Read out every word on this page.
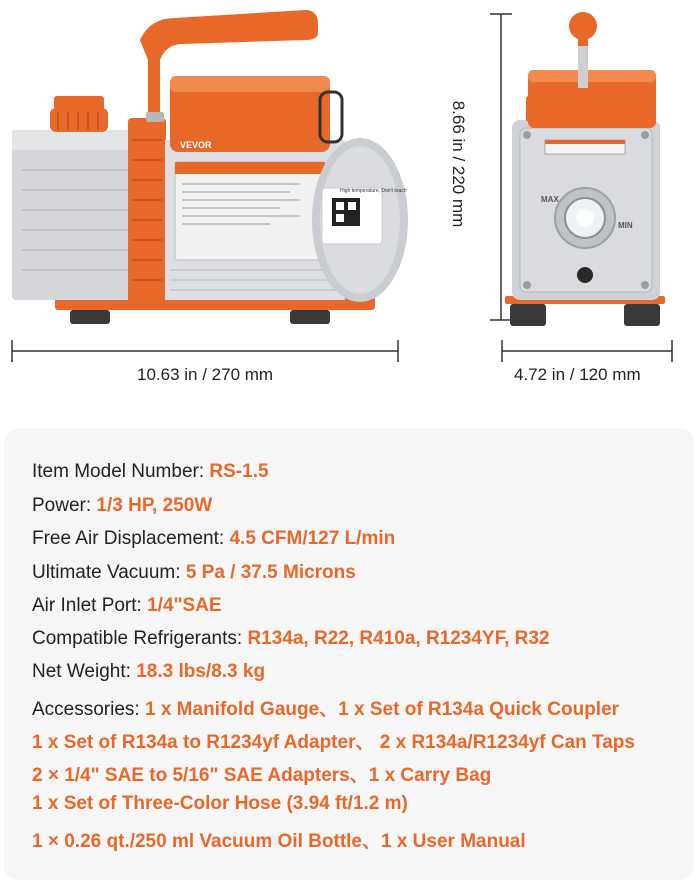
High temperature, Don't touch
VEVOR
MAX
MIN
10.63 in / 270 mm	4.72 in / 120 mm
8.66 in / 220 mm
Item Model Number: RS-1.5
Power: 1/3 HP, 250W
Free Air Displacement: 4.5 CFM/127 L/min
Ultimate Vacuum: 5 Pa / 37.5 Microns
Air Inlet Port: 1/4"SAE
Compatible Refrigerants: R134a, R22, R410a, R1234YF, R32
Net Weight: 18.3 lbs/8.3 kg
Accessories: 1 x Manifold Gauge、1 x Set of R134a Quick Coupler
1 x Set of R134a to R1234yf Adapter、 2 x R134a/R1234yf Can Taps
2 × 1/4" SAE to 5/16" SAE Adapters、1 x Carry Bag
1 x Set of Three-Color Hose (3.94 ft/1.2 m)
1 × 0.26 qt./250 ml Vacuum Oil Bottle、1 x User Manual
